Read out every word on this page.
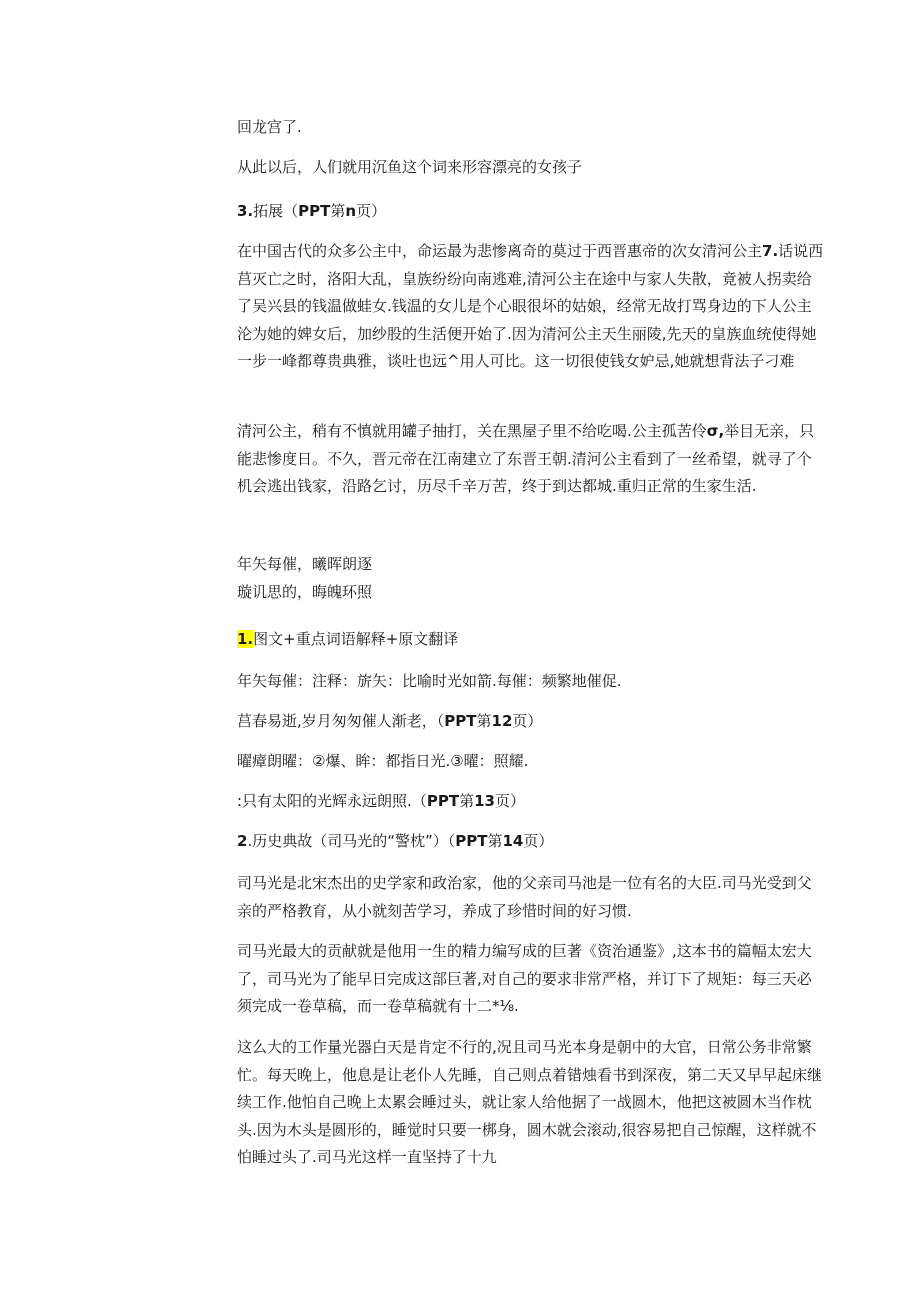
回龙宫了.

从此以后，人们就用沉鱼这个词来形容漂亮的女孩子

3.拓展（PPT第n页）

在中国古代的众多公主中，命运最为悲惨离奇的莫过于西晋惠帝的次女清河公主7.话说西莒灭亡之时，洛阳大乱，皇族纷纷向南逃难,清河公主在途中与家人失散，竟被人拐卖给了吴兴县的钱温做蛙女.钱温的女儿是个心眼很坏的姑娘，经常无故打骂身边的下人公主沦为她的婢女后，加纱股的生活便开始了.因为清河公主天生丽陵,先天的皇族血统使得她一步一峰都尊贵典雅，谈吐也远^用人可比。这一切很使钱女妒忌,她就想背法子刁难

清河公主，稍有不慎就用罐子抽打，关在黑屋子里不给吃喝.公主孤苦伶σ,举目无亲，只能悲惨度日。不久，晋元帝在江南建立了东晋王朝.清河公主看到了一丝希望，就寻了个机会逃出钱家，沿路乞讨，历尽千辛万苦，终于到达都城.重归正常的生家生活.

年矢每催，曦晖朗逐

璇讥思的，晦魄环照

1.图文+重点词语解释+原文翻译

年矢每催：注释：旂矢：比喻时光如箭.每催：频繁地催促.

莒春易逝,岁月匆匆催人渐老，（PPT第12页）

曜瘴朗曜：②爆、眸：都指日光.③曜：照耀.

:只有太阳的光辉永远朗照.（PPT第13页）

2.历史典故（司马光的“警枕”）（PPT第14页）

司马光是北宋杰出的史学家和政治家，他的父亲司马池是一位有名的大臣.司马光受到父亲的严格教育，从小就刻苦学习，养成了珍惜时间的好习惯.

司马光最大的贡献就是他用一生的精力编写成的巨著《资治通鉴》,这本书的篇幅太宏大了，司马光为了能早日完成这部巨著,对自己的要求非常严格，并订下了规矩：每三天必须完成一卷草稿，而一卷草稿就有十二*⅛.

这么大的工作量光器白天是肯定不行的,况且司马光本身是朝中的大官，日常公务非常繁忙。每天晚上，他息是让老仆人先睡，自己则点着错烛看书到深夜，第二天又早早起床继续工作.他怕自己晚上太累会睡过头，就让家人给他据了一战圆木，他把这被圆木当作枕头.因为木头是圆形的，睡觉时只要一梆身，圆木就会滚动,很容易把自己惊醒，这样就不怕睡过头了.司马光这样一直坚持了十九
